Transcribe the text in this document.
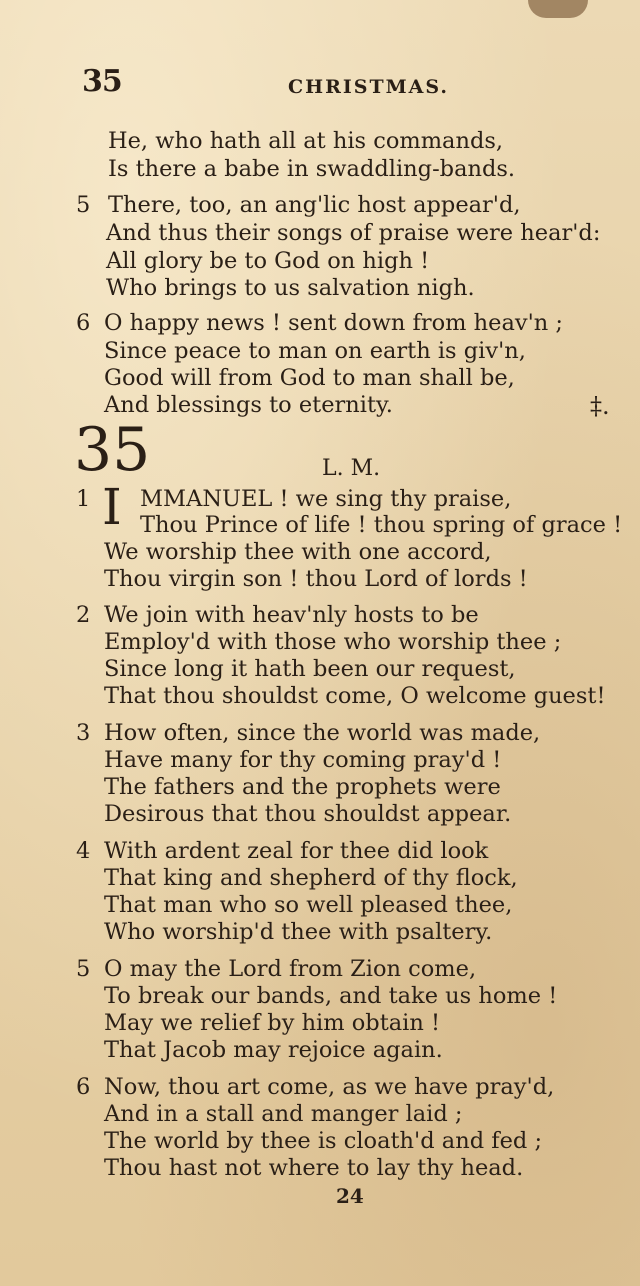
35	CHRISTMAS.
He, who hath all at his commands,
Is there a babe in swaddling-bands.
5 There, too, an ang'lic host appear'd,
And thus their songs of praise were hear'd:
All glory be to God on high !
Who brings to us salvation nigh.
6 O happy news ! sent down from heav'n ;
Since peace to man on earth is giv'n,
Good will from God to man shall be,
And blessings to eternity.	‡.
35	L. M.
1 I MMANUEL ! we sing thy praise,
Thou Prince of life ! thou spring of grace !
We worship thee with one accord,
Thou virgin son ! thou Lord of lords !
2 We join with heav'nly hosts to be
Employ'd with those who worship thee ;
Since long it hath been our request,
That thou shouldst come, O welcome guest!
3 How often, since the world was made,
Have many for thy coming pray'd !
The fathers and the prophets were
Desirous that thou shouldst appear.
4 With ardent zeal for thee did look
That king and shepherd of thy flock,
That man who so well pleased thee,
Who worship'd thee with psaltery.
5 O may the Lord from Zion come,
To break our bands, and take us home !
May we relief by him obtain !
That Jacob may rejoice again.
6 Now, thou art come, as we have pray'd,
And in a stall and manger laid ;
The world by thee is cloath'd and fed ;
Thou hast not where to lay thy head.
24
